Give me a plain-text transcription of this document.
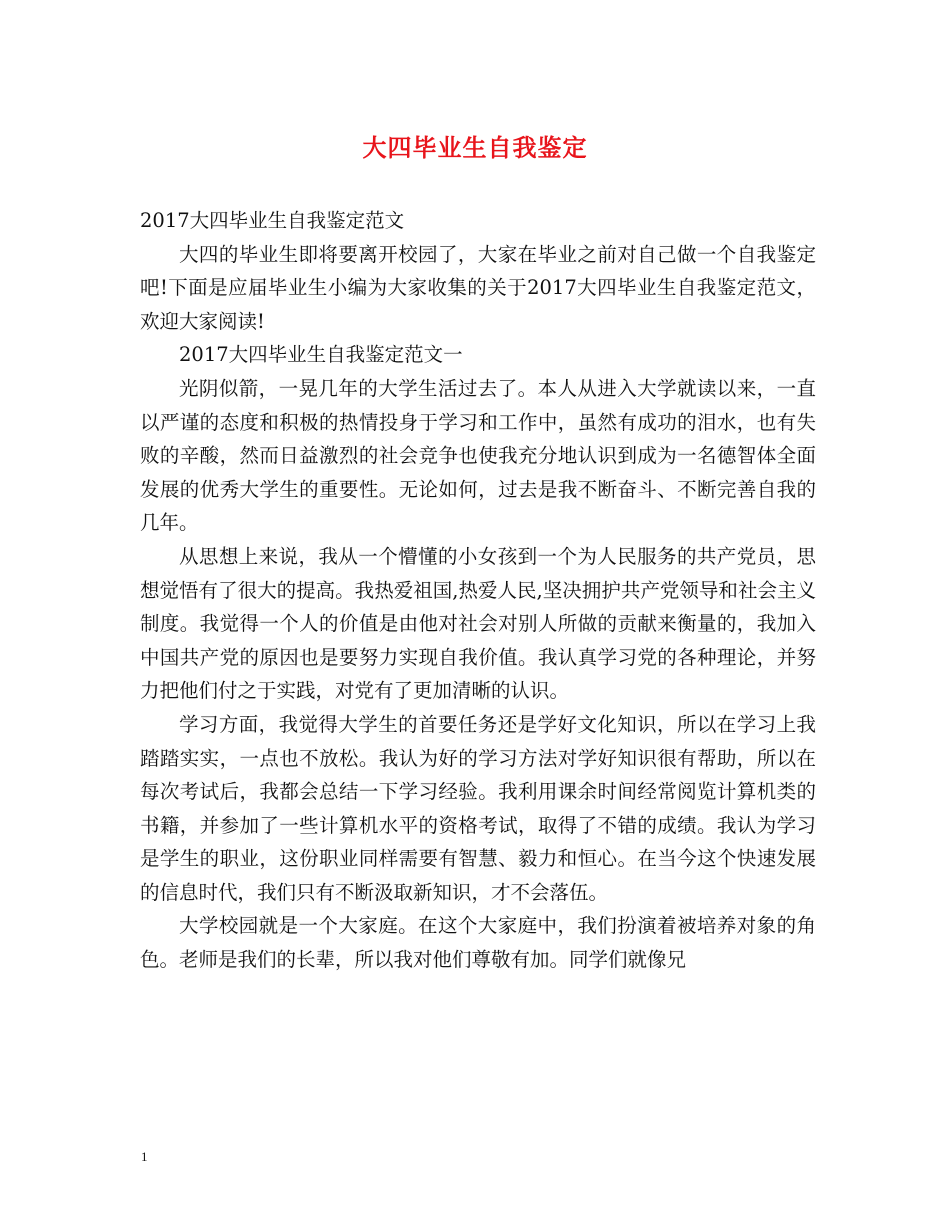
大四毕业生自我鉴定

2017大四毕业生自我鉴定范文

大四的毕业生即将要离开校园了，大家在毕业之前对自己做一个自我鉴定吧!下面是应届毕业生小编为大家收集的关于2017大四毕业生自我鉴定范文，欢迎大家阅读!

2017大四毕业生自我鉴定范文一

光阴似箭，一晃几年的大学生活过去了。本人从进入大学就读以来，一直以严谨的态度和积极的热情投身于学习和工作中，虽然有成功的泪水，也有失败的辛酸，然而日益激烈的社会竞争也使我充分地认识到成为一名德智体全面发展的优秀大学生的重要性。无论如何，过去是我不断奋斗、不断完善自我的几年。

从思想上来说，我从一个懵懂的小女孩到一个为人民服务的共产党员，思想觉悟有了很大的提高。我热爱祖国,热爱人民,坚决拥护共产党领导和社会主义制度。我觉得一个人的价值是由他对社会对别人所做的贡献来衡量的，我加入中国共产党的原因也是要努力实现自我价值。我认真学习党的各种理论，并努力把他们付之于实践，对党有了更加清晰的认识。

学习方面，我觉得大学生的首要任务还是学好文化知识，所以在学习上我踏踏实实，一点也不放松。我认为好的学习方法对学好知识很有帮助，所以在每次考试后，我都会总结一下学习经验。我利用课余时间经常阅览计算机类的书籍，并参加了一些计算机水平的资格考试，取得了不错的成绩。我认为学习是学生的职业，这份职业同样需要有智慧、毅力和恒心。在当今这个快速发展的信息时代，我们只有不断汲取新知识，才不会落伍。

大学校园就是一个大家庭。在这个大家庭中，我们扮演着被培养对象的角色。老师是我们的长辈，所以我对他们尊敬有加。同学们就像兄

1
